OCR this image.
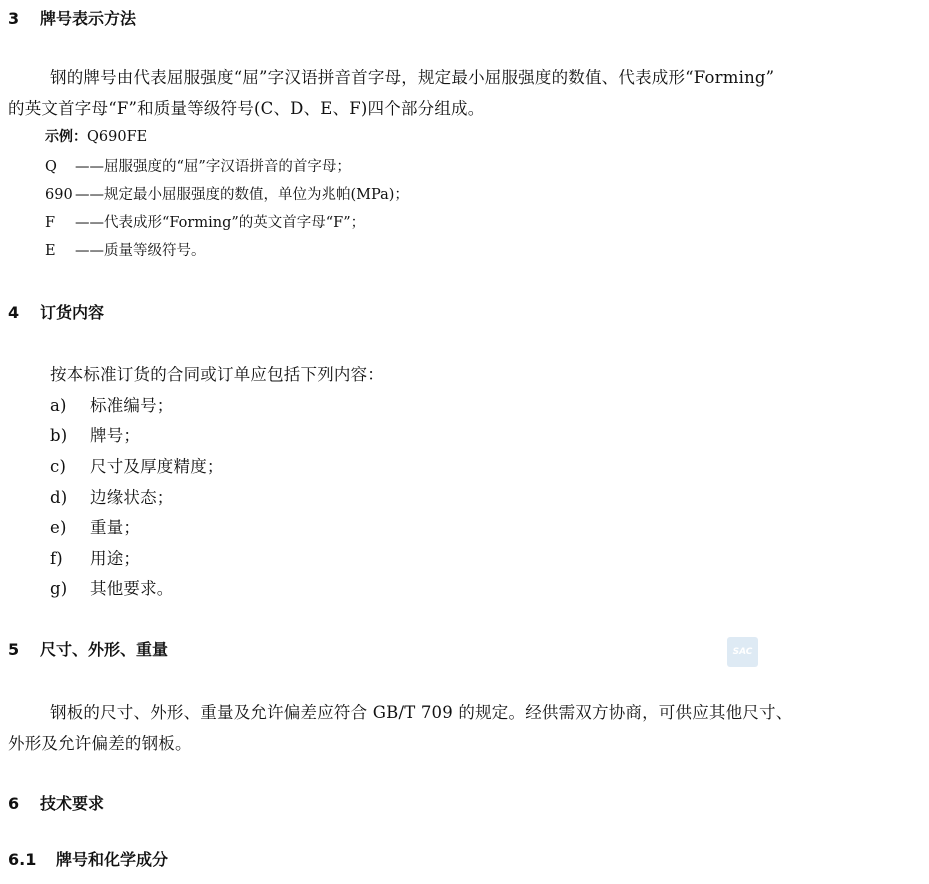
3 牌号表示方法
钢的牌号由代表屈服强度“屈”字汉语拼音首字母，规定最小屈服强度的数值、代表成形“Forming”
的英文首字母“F”和质量等级符号(C、D、E、F)四个部分组成。
示例：Q690FE
Q ——屈服强度的“屈”字汉语拼音的首字母；
690 ——规定最小屈服强度的数值，单位为兆帕(MPa)；
F ——代表成形“Forming”的英文首字母“F”；
E ——质量等级符号。
4 订货内容
按本标准订货的合同或订单应包括下列内容：
a) 标准编号；
b) 牌号；
c) 尺寸及厚度精度；
d) 边缘状态；
e) 重量；
f) 用途；
g) 其他要求。
5 尺寸、外形、重量	SAC
钢板的尺寸、外形、重量及允许偏差应符合 GB/T 709 的规定。经供需双方协商，可供应其他尺寸、
外形及允许偏差的钢板。
6 技术要求
6.1 牌号和化学成分
